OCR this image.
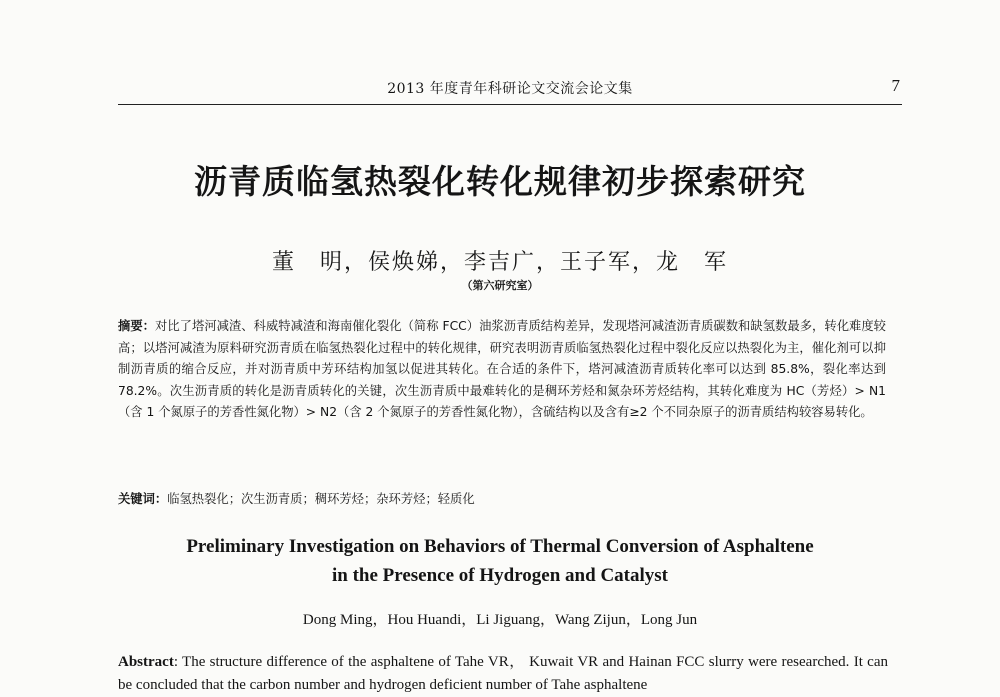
2013 年度青年科研论文交流会论文集	7
沥青质临氢热裂化转化规律初步探索研究
董　明，侯焕娣，李吉广，王子军，龙　军
（第六研究室）
摘要：对比了塔河减渣、科威特减渣和海南催化裂化（简称 FCC）油浆沥青质结构差异，发现塔河减渣沥青质碳数和缺氢数最多，转化难度较高；以塔河减渣为原料研究沥青质在临氢热裂化过程中的转化规律，研究表明沥青质临氢热裂化过程中裂化反应以热裂化为主，催化剂可以抑制沥青质的缩合反应，并对沥青质中芳环结构加氢以促进其转化。在合适的条件下，塔河减渣沥青质转化率可以达到 85.8%，裂化率达到 78.2%。次生沥青质的转化是沥青质转化的关键，次生沥青质中最难转化的是稠环芳烃和氮杂环芳烃结构，其转化难度为 HC（芳烃）> N1（含 1 个氮原子的芳香性氮化物）> N2（含 2 个氮原子的芳香性氮化物），含硫结构以及含有≥2 个不同杂原子的沥青质结构较容易转化。
关键词：临氢热裂化；次生沥青质；稠环芳烃；杂环芳烃；轻质化
Preliminary Investigation on Behaviors of Thermal Conversion of Asphaltene
in the Presence of Hydrogen and Catalyst
Dong Ming，Hou Huandi，Li Jiguang，Wang Zijun，Long Jun
Abstract: The structure difference of the asphaltene of Tahe VR， Kuwait VR and Hainan FCC slurry were researched. It can be concluded that the carbon number and hydrogen deficient number of Tahe asphaltene
